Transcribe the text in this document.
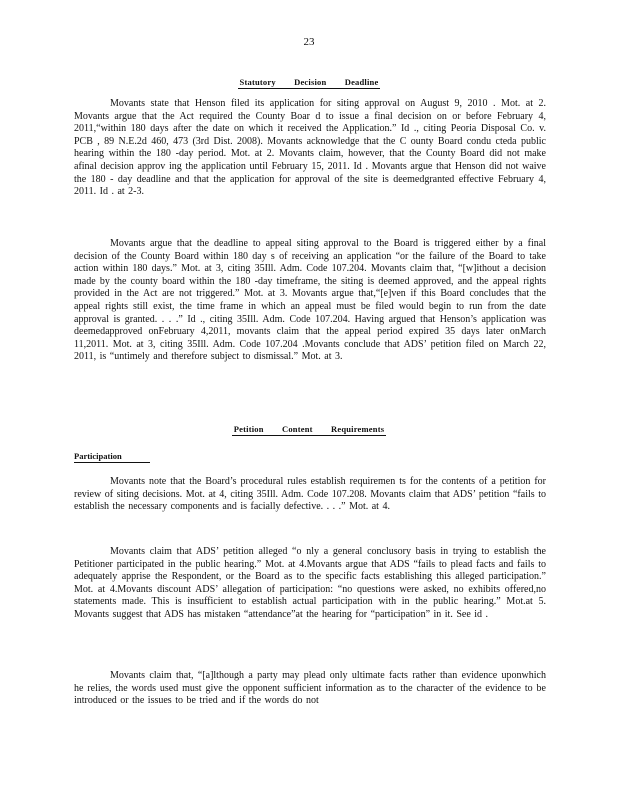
23
Statutory Decision Deadline

Movants state that Henson filed its application for siting approval on August 9, 2010 . Mot. at 2. Movants argue that the Act required the County Boar d to issue a final decision on or before February 4, 2011,“within 180 days after the date on which it received the Application.” Id ., citing Peoria Disposal Co. v. PCB , 89 N.E.2d 460, 473 (3rd Dist. 2008). Movants acknowledge that the C ounty Board condu cteda public hearing within the 180 -day period. Mot. at 2. Movants claim, however, that the County Board did not make afinal decision approv ing the application until February 15, 2011. Id . Movants argue that Henson did not waive the 180 - day deadline and that the application for approval of the site is deemedgranted effective February 4, 2011. Id . at 2-3.

Movants argue that the deadline to appeal siting approval to the Board is triggered either by a final decision of the County Board within 180 day s of receiving an application “or the failure of the Board to take action within 180 days.” Mot. at 3, citing 35Ill. Adm. Code 107.204. Movants claim that, “[w]ithout a decision made by the county board within the 180 -day timeframe, the siting is deemed approved, and the appeal rights provided in the Act are not triggered.” Mot. at 3. Movants argue that,“[e]ven if this Board concludes that the appeal rights still exist, the time frame in which an appeal must be filed would begin to run from the date approval is granted. . . .” Id ., citing 35Ill. Adm. Code 107.204. Having argued that Henson’s application was deemedapproved onFebruary 4,2011, movants claim that the appeal period expired 35 days later onMarch 11,2011. Mot. at 3, citing 35Ill. Adm. Code 107.204 .Movants conclude that ADS’ petition filed on March 22, 2011, is “untimely and therefore subject to dismissal.” Mot. at 3.

Petition Content Requirements
Participation

Movants note that the Board’s procedural rules establish requiremen ts for the contents of a petition for review of siting decisions. Mot. at 4, citing 35Ill. Adm. Code 107.208. Movants claim that ADS’ petition “fails to establish the necessary components and is facially defective. . . .” Mot. at 4.

Movants claim that ADS’ petition alleged “o nly a general conclusory basis in trying to establish the Petitioner participated in the public hearing.” Mot. at 4.Movants argue that ADS “fails to plead facts and fails to adequately apprise the Respondent, or the Board as to the specific facts establishing this alleged participation.” Mot. at 4.Movants discount ADS’ allegation of participation: “no questions were asked, no exhibits offered,no statements made. This is insufficient to establish actual participation with in the public hearing.” Mot.at 5. Movants suggest that ADS has mistaken “attendance”at the hearing for “participation” in it. See id .

Movants claim that, “[a]lthough a party may plead only ultimate facts rather than evidence uponwhich he relies, the words used must give the opponent sufficient information as to the character of the evidence to be introduced or the issues to be tried and if the words do not
